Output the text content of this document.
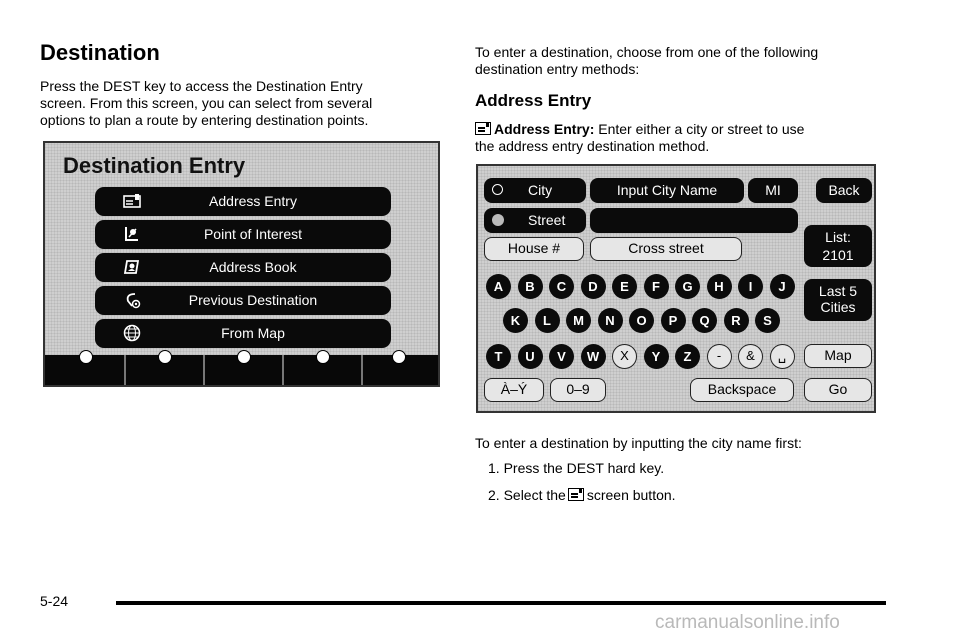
Destination

Press the DEST key to access the Destination Entry

screen. From this screen, you can select from several

options to plan a route by entering destination points.

Destination Entry
Address Entry
Point of Interest
Address Book
Previous Destination
From Map

To enter a destination, choose from one of the following

destination entry methods:

Address Entry

Address Entry: Enter either a city or street to use

the address entry destination method.

City	Input City Name	MI	Back
Street
House #	Cross street
List:
2101
Last 5
Cities
A	B	C	D	E	F	G	H	I	J
K	L	M	N	O	P	Q	R	S
T	U	V	W	X	Y	Z	-	&	␣	Map
À–Ý	0–9	Backspace	Go

To enter a destination by inputting the city name first:

1. Press the DEST hard key.

2. Select the screen button.

5-24
carmanualsonline.info
